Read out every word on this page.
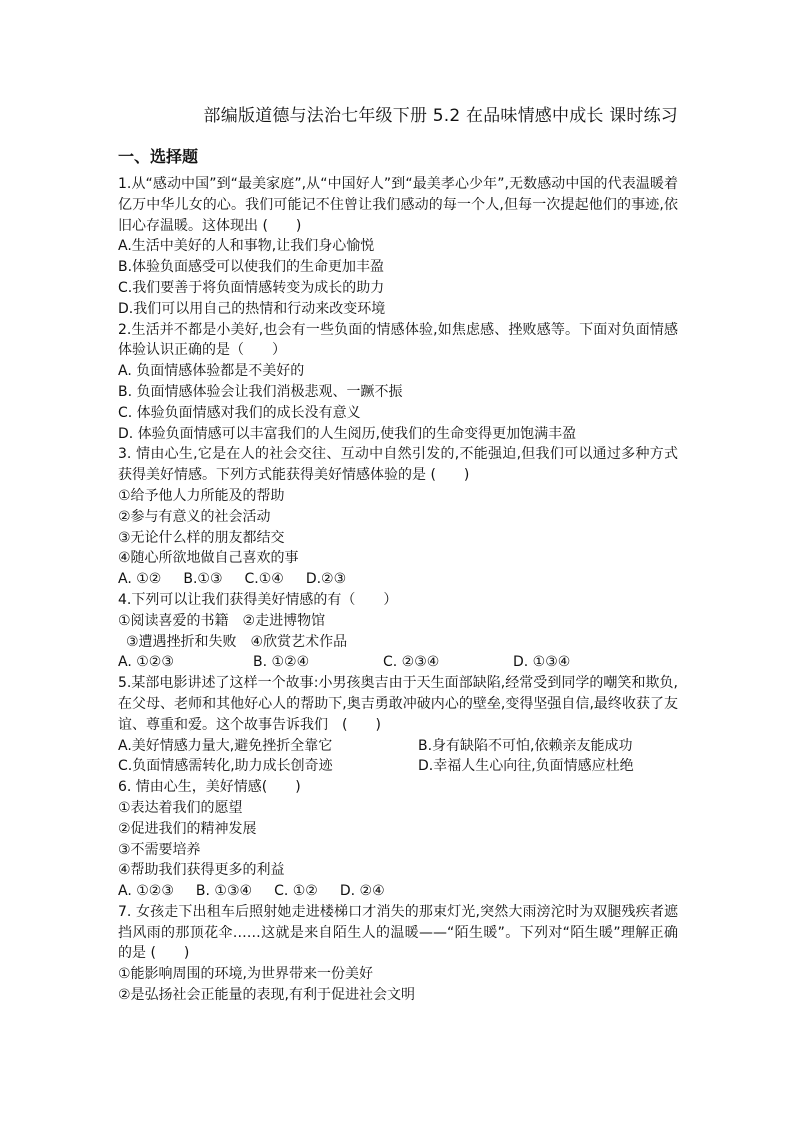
部编版道德与法治七年级下册 5.2 在品味情感中成长 课时练习

一、选择题
1.从“感动中国”到“最美家庭”,从“中国好人”到“最美孝心少年”,无数感动中国的代表温暖着亿万中华儿女的心。我们可能记不住曾让我们感动的每一个人,但每一次提起他们的事迹,依旧心存温暖。这体现出 (　　)
A.生活中美好的人和事物,让我们身心愉悦
B.体验负面感受可以使我们的生命更加丰盈
C.我们要善于将负面情感转变为成长的助力
D.我们可以用自己的热情和行动来改变环境
2.生活并不都是小美好,也会有一些负面的情感体验,如焦虑感、挫败感等。下面对负面情感体验认识正确的是（　　）
A. 负面情感体验都是不美好的
B. 负面情感体验会让我们消极悲观、一蹶不振
C. 体验负面情感对我们的成长没有意义
D. 体验负面情感可以丰富我们的人生阅历,使我们的生命变得更加饱满丰盈
3. 情由心生,它是在人的社会交往、互动中自然引发的,不能强迫,但我们可以通过多种方式获得美好情感。下列方式能获得美好情感体验的是 (　　)
①给予他人力所能及的帮助
②参与有意义的社会活动
③无论什么样的朋友都结交
④随心所欲地做自己喜欢的事
A. ①② B.①③ C.①④ D.②③
4.下列可以让我们获得美好情感的有（　　）
①阅读喜爱的书籍　②走进博物馆
③遭遇挫折和失败　④欣赏艺术作品
A. ①②③	B. ①②④	C. ②③④	D. ①③④
5.某部电影讲述了这样一个故事:小男孩奥吉由于天生面部缺陷,经常受到同学的嘲笑和欺负,在父母、老师和其他好心人的帮助下,奥吉勇敢冲破内心的壁垒,变得坚强自信,最终收获了友谊、尊重和爱。这个故事告诉我们　(　　)
A.美好情感力量大,避免挫折全靠它	B.身有缺陷不可怕,依赖亲友能成功
C.负面情感需转化,助力成长创奇迹	D.幸福人生心向往,负面情感应杜绝
6. 情由心生，美好情感(　　)
①表达着我们的愿望
②促进我们的精神发展
③不需要培养
④帮助我们获得更多的利益
A. ①②③ B. ①③④ C. ①② D. ②④
7. 女孩走下出租车后照射她走进楼梯口才消失的那束灯光,突然大雨滂沱时为双腿残疾者遮挡风雨的那顶花伞……这就是来自陌生人的温暖——“陌生暖”。下列对“陌生暖”理解正确的是 (　　)
①能影响周围的环境,为世界带来一份美好
②是弘扬社会正能量的表现,有利于促进社会文明
